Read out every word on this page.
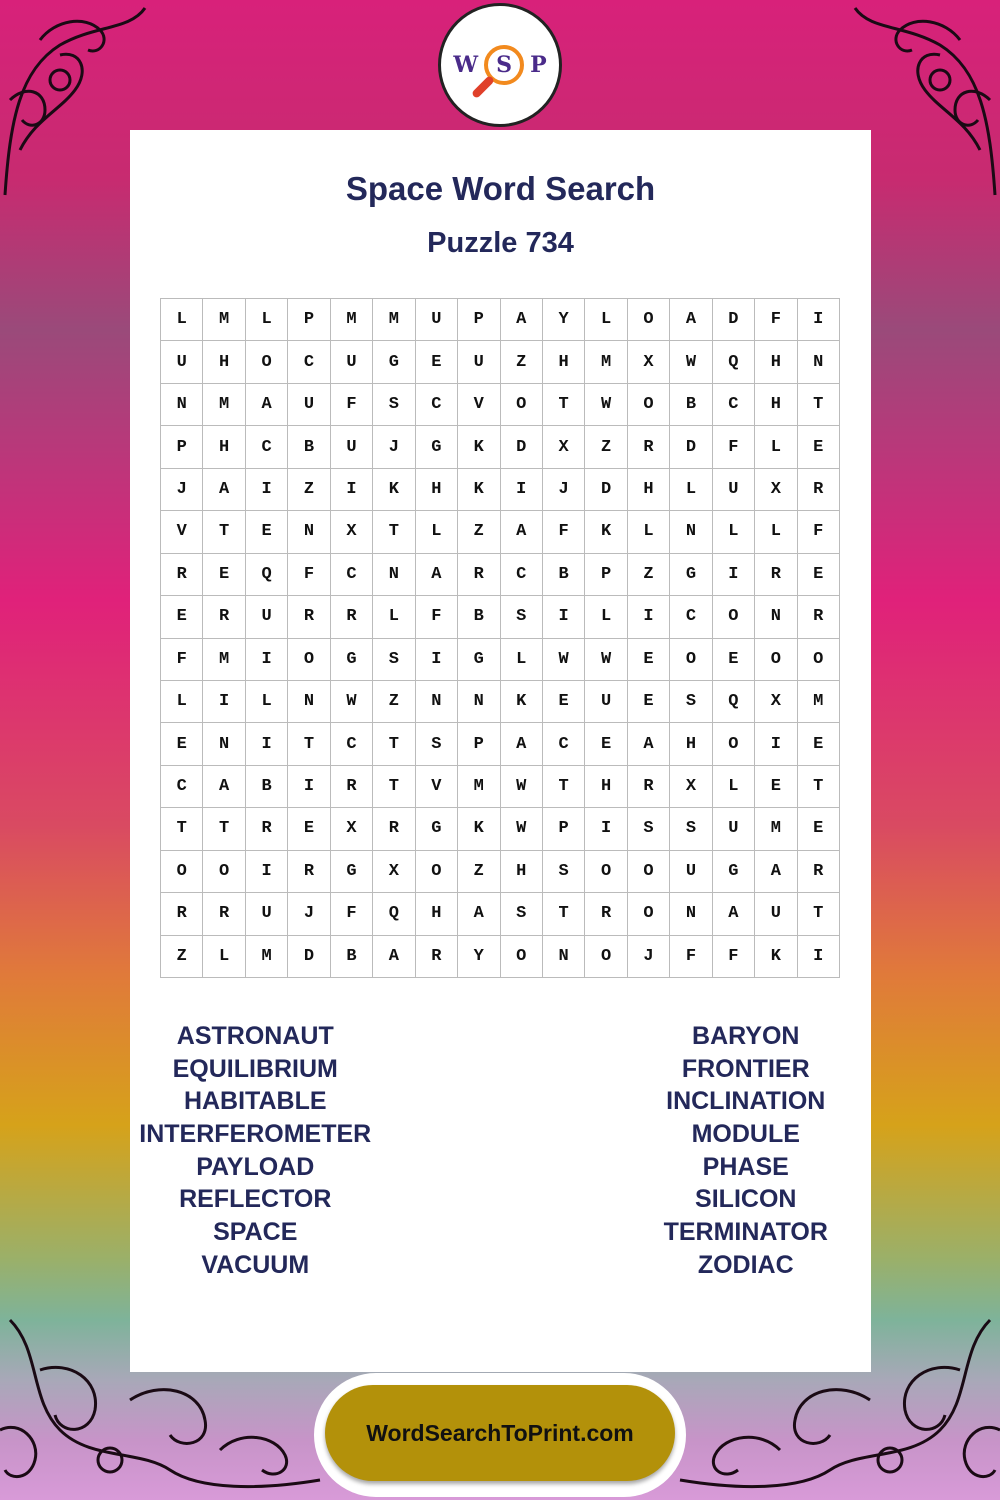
W S P
Space Word Search
Puzzle 734
L	M	L	P	M	M	U	P	A	Y	L	O	A	D	F	I
U	H	O	C	U	G	E	U	Z	H	M	X	W	Q	H	N
N	M	A	U	F	S	C	V	O	T	W	O	B	C	H	T
P	H	C	B	U	J	G	K	D	X	Z	R	D	F	L	E
J	A	I	Z	I	K	H	K	I	J	D	H	L	U	X	R
V	T	E	N	X	T	L	Z	A	F	K	L	N	L	L	F
R	E	Q	F	C	N	A	R	C	B	P	Z	G	I	R	E
E	R	U	R	R	L	F	B	S	I	L	I	C	O	N	R
F	M	I	O	G	S	I	G	L	W	W	E	O	E	O	O
L	I	L	N	W	Z	N	N	K	E	U	E	S	Q	X	M
E	N	I	T	C	T	S	P	A	C	E	A	H	O	I	E
C	A	B	I	R	T	V	M	W	T	H	R	X	L	E	T
T	T	R	E	X	R	G	K	W	P	I	S	S	U	M	E
O	O	I	R	G	X	O	Z	H	S	O	O	U	G	A	R
R	R	U	J	F	Q	H	A	S	T	R	O	N	A	U	T
Z	L	M	D	B	A	R	Y	O	N	O	J	F	F	K	I
ASTRONAUT	BARYON
EQUILIBRIUM	FRONTIER
HABITABLE	INCLINATION
INTERFEROMETER	MODULE
PAYLOAD	PHASE
REFLECTOR	SILICON
SPACE	TERMINATOR
VACUUM	ZODIAC
WordSearchToPrint.com
